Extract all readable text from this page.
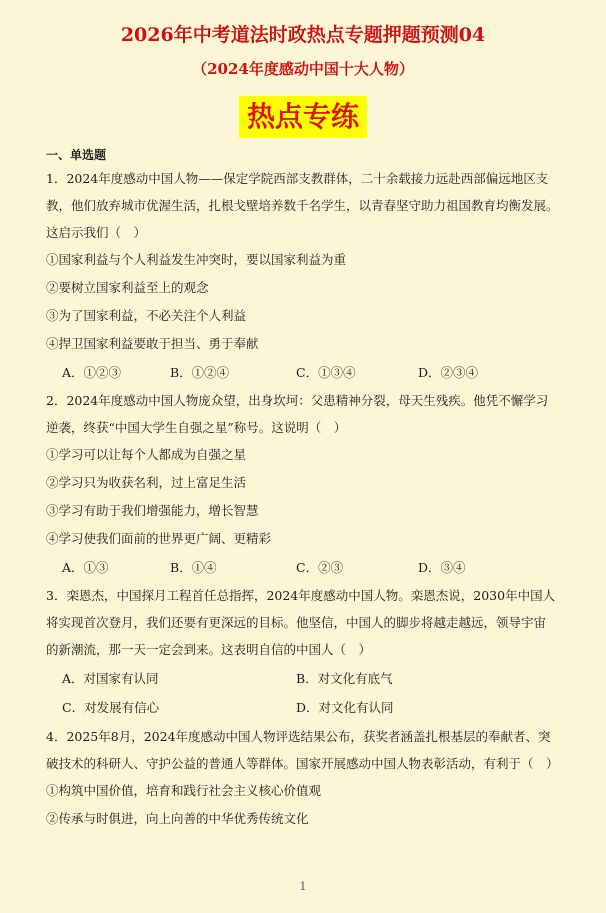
2026年中考道法时政热点专题押题预测04
（2024年度感动中国十大人物）
热点专练
一、单选题
1．2024年度感动中国人物——保定学院西部支教群体，二十余载接力远赴西部偏远地区支
教，他们放弃城市优渥生活，扎根戈壁培养数千名学生，以青春坚守助力祖国教育均衡发展。
这启示我们（　）
①国家利益与个人利益发生冲突时，要以国家利益为重
②要树立国家利益至上的观念
③为了国家利益，不必关注个人利益
④捍卫国家利益要敢于担当、勇于奉献
A．①②③	B．①②④	C．①③④	D．②③④
2．2024年度感动中国人物庞众望，出身坎坷：父患精神分裂，母天生残疾。他凭不懈学习
逆袭，终获“中国大学生自强之星”称号。这说明（　）
①学习可以让每个人都成为自强之星
②学习只为收获名利，过上富足生活
③学习有助于我们增强能力，增长智慧
④学习使我们面前的世界更广阔、更精彩
A．①③	B．①④	C．②③	D．③④
3．栾恩杰，中国探月工程首任总指挥，2024年度感动中国人物。栾恩杰说，2030年中国人
将实现首次登月，我们还要有更深远的目标。他坚信，中国人的脚步将越走越远，领导宇宙
的新潮流，那一天一定会到来。这表明自信的中国人（　）
A．对国家有认同	B．对文化有底气
C．对发展有信心	D．对文化有认同
4．2025年8月，2024年度感动中国人物评选结果公布，获奖者涵盖扎根基层的奉献者、突
破技术的科研人、守护公益的普通人等群体。国家开展感动中国人物表彰活动，有利于（　）
①构筑中国价值，培育和践行社会主义核心价值观
②传承与时俱进，向上向善的中华优秀传统文化
1
